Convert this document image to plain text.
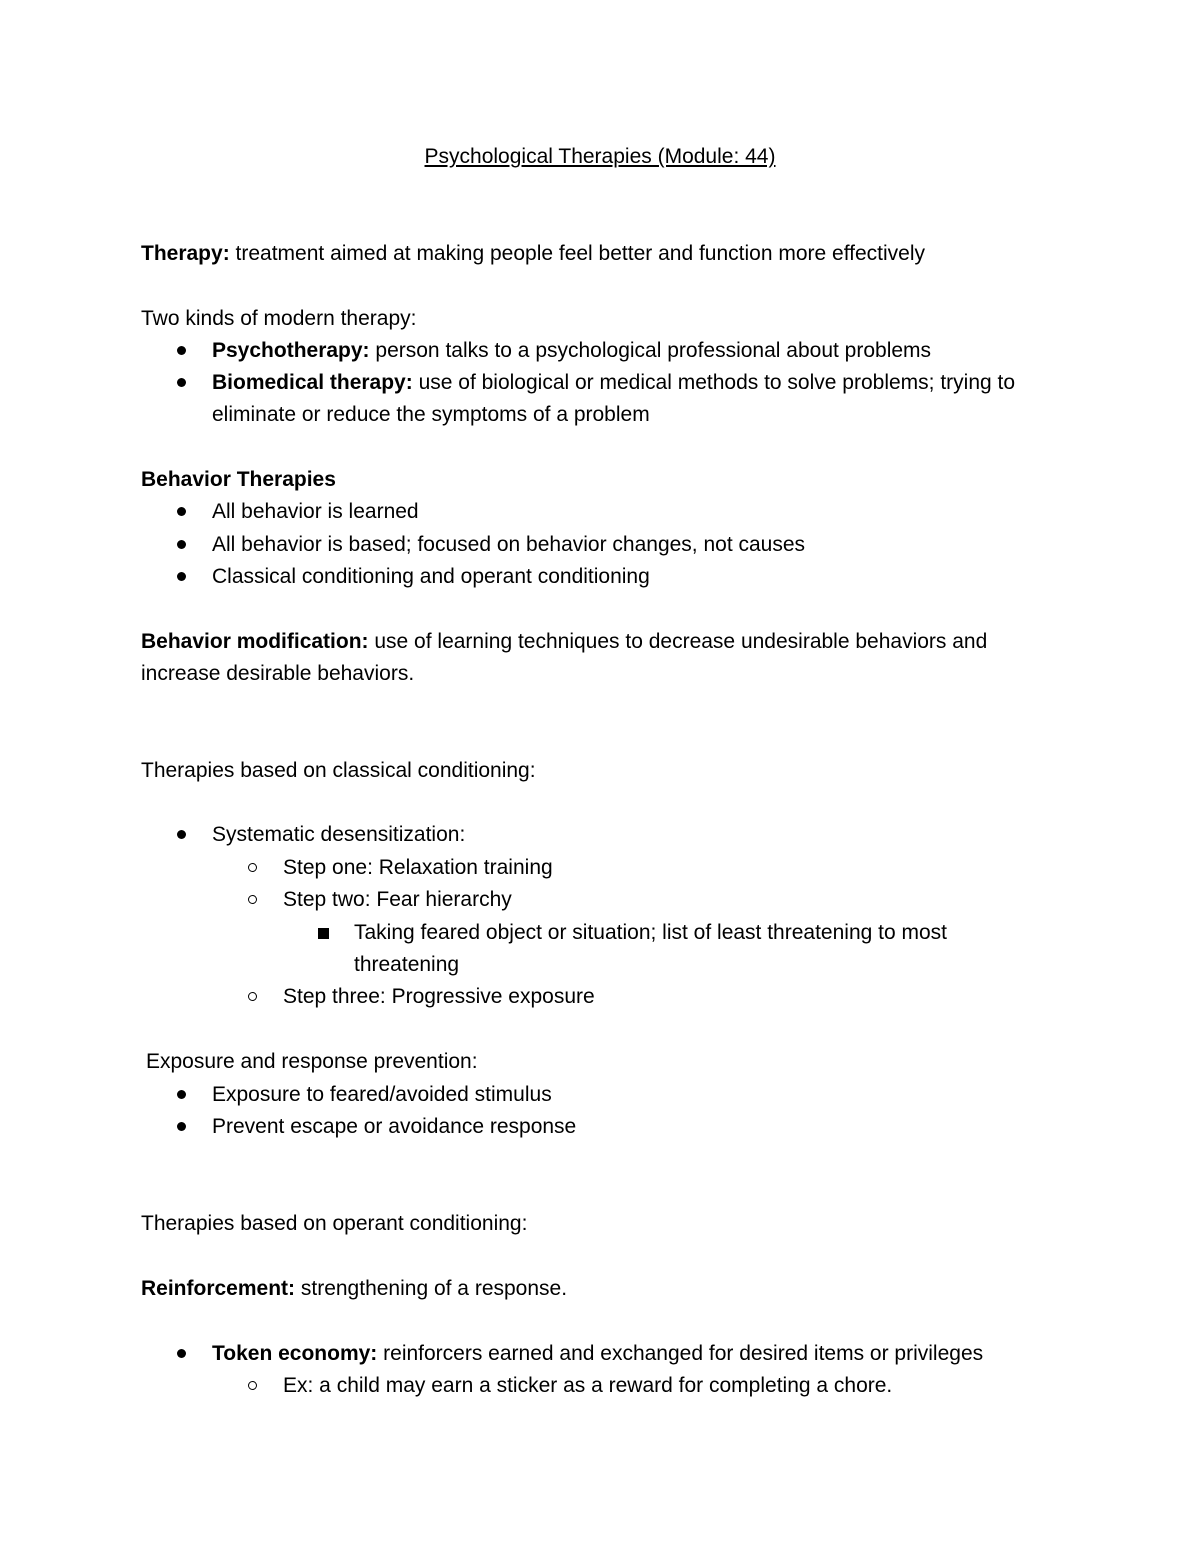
Psychological Therapies (Module: 44)
Therapy: treatment aimed at making people feel better and function more effectively
Two kinds of modern therapy:
Psychotherapy: person talks to a psychological professional about problems
Biomedical therapy: use of biological or medical methods to solve problems; trying to
eliminate or reduce the symptoms of a problem
Behavior Therapies
All behavior is learned
All behavior is based; focused on behavior changes, not causes
Classical conditioning and operant conditioning
Behavior modification: use of learning techniques to decrease undesirable behaviors and
increase desirable behaviors.
Therapies based on classical conditioning:
Systematic desensitization:
Step one: Relaxation training
Step two: Fear hierarchy
Taking feared object or situation; list of least threatening to most
threatening
Step three: Progressive exposure
Exposure and response prevention:
Exposure to feared/avoided stimulus
Prevent escape or avoidance response
Therapies based on operant conditioning:
Reinforcement: strengthening of a response.
Token economy: reinforcers earned and exchanged for desired items or privileges
Ex: a child may earn a sticker as a reward for completing a chore.
